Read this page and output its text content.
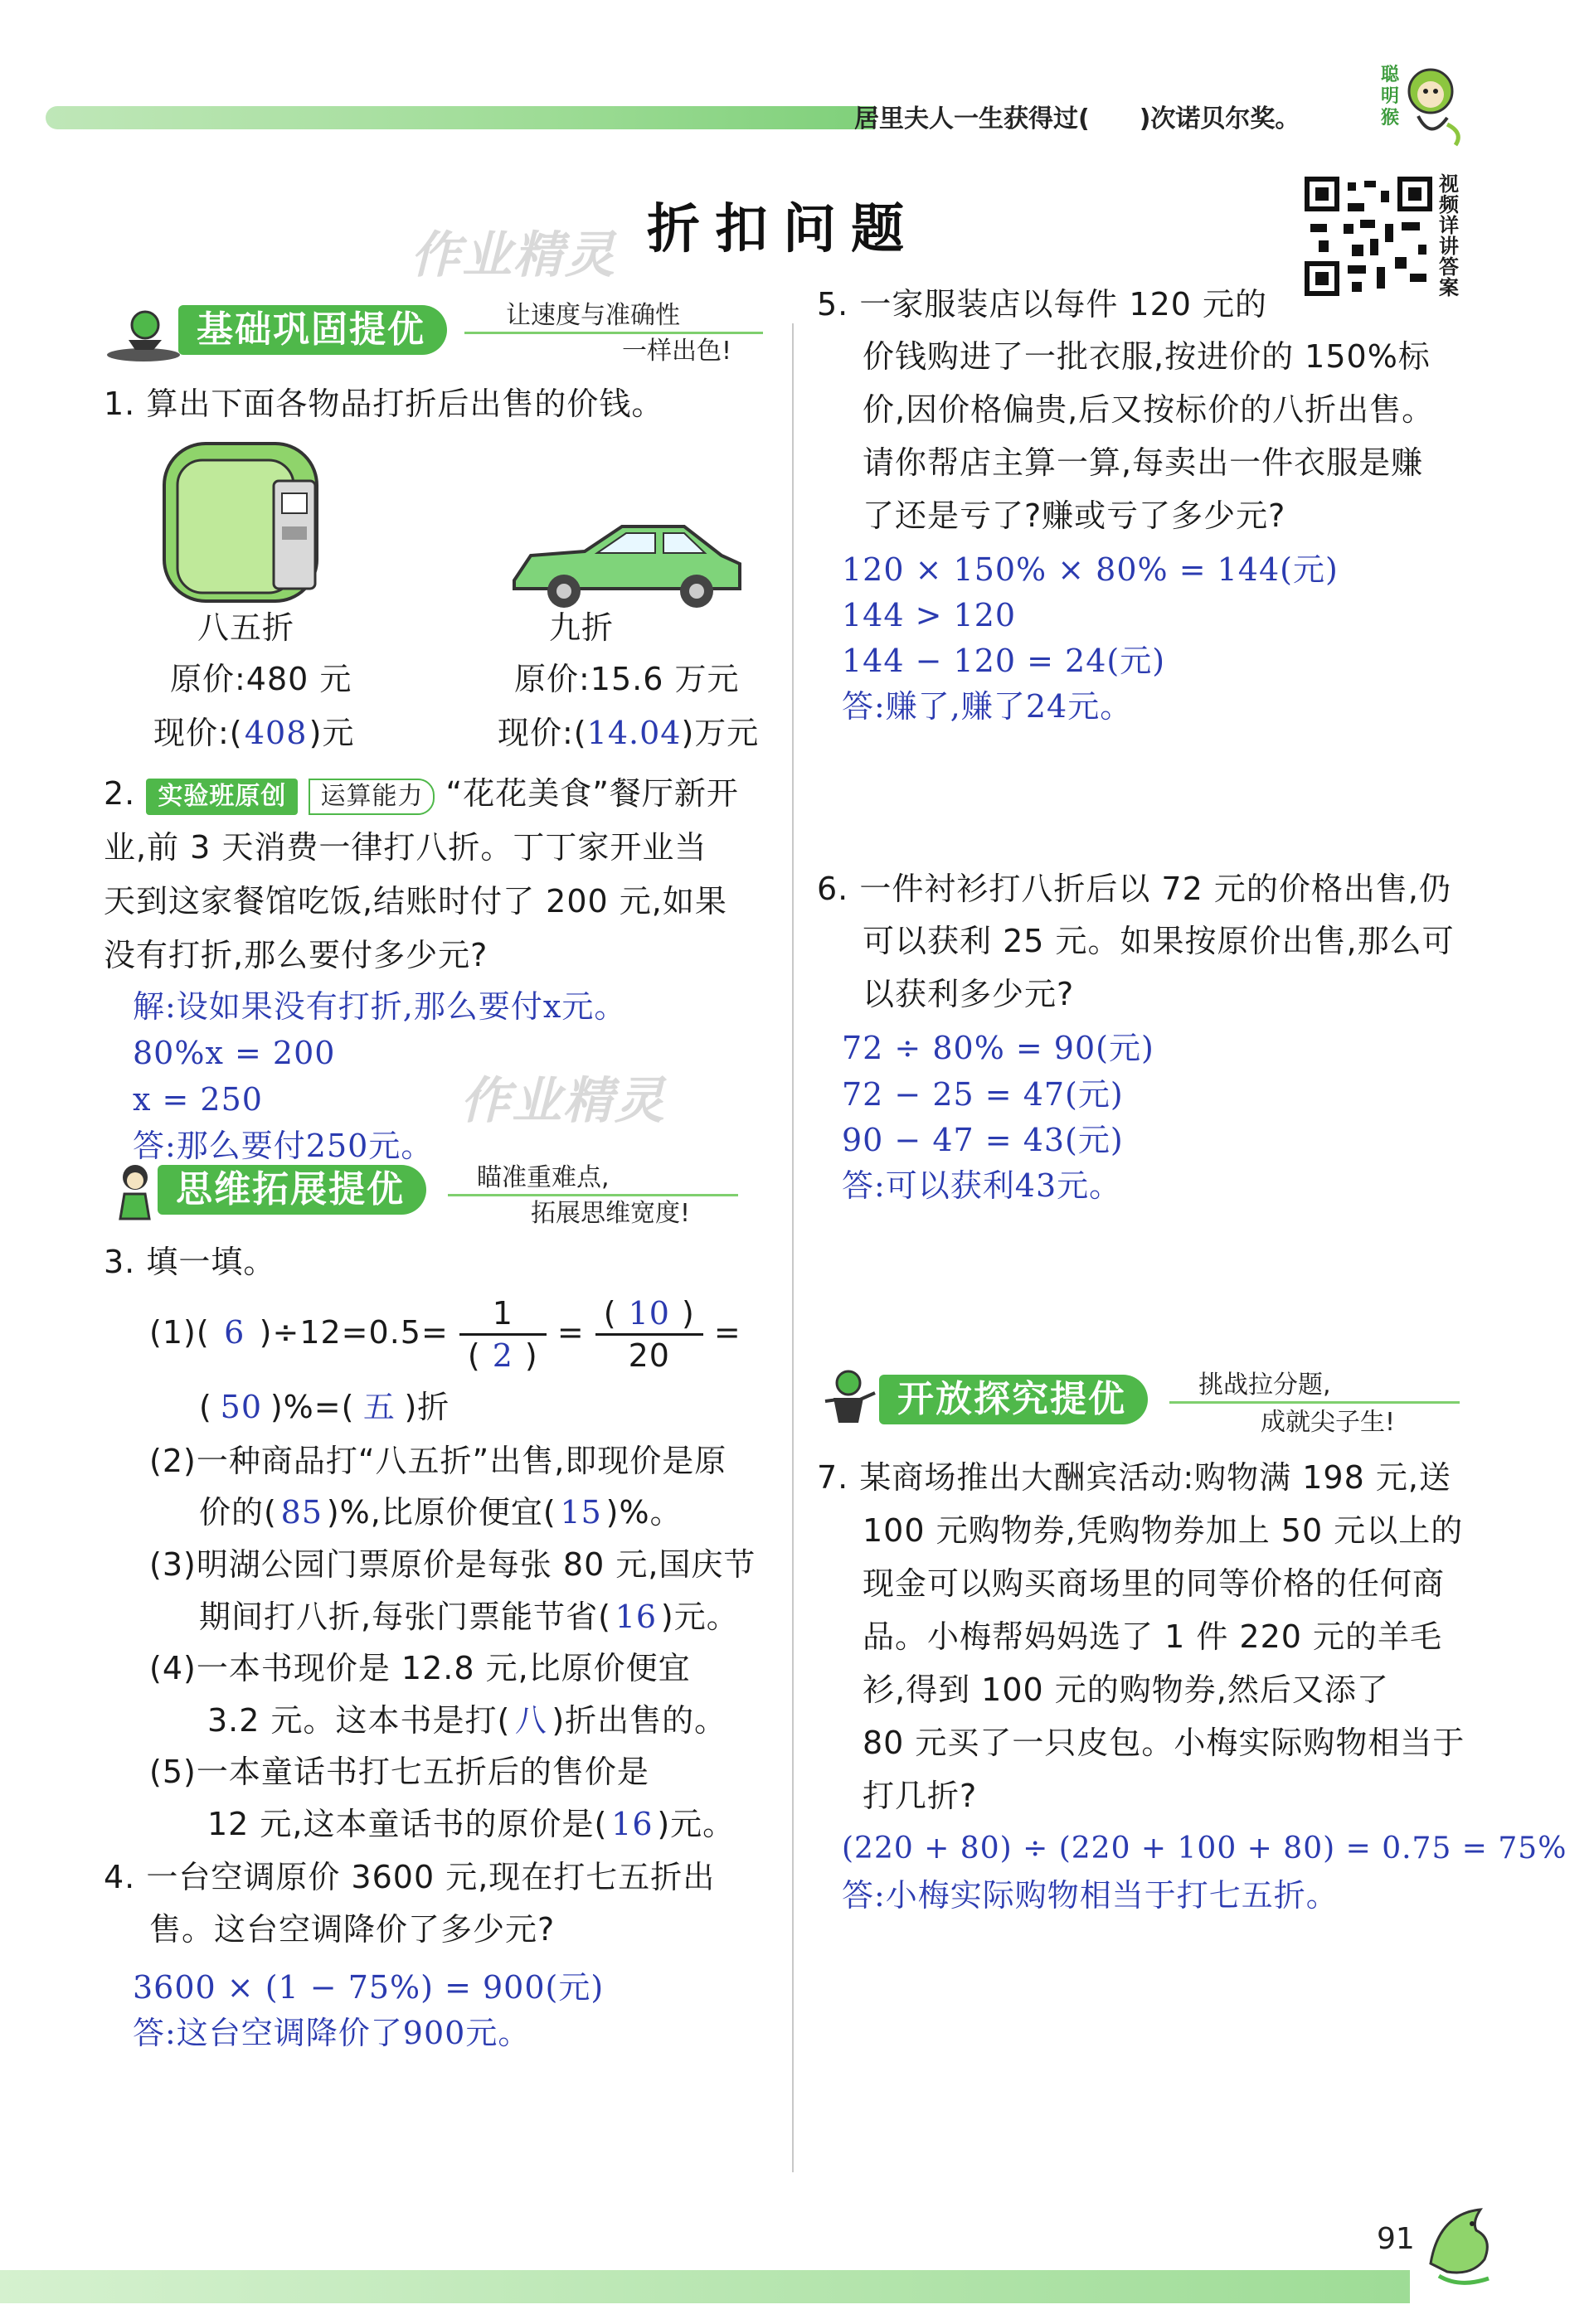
居里夫人一生获得过(　　)次诺贝尔奖。
聪明猴
折扣问题
作业精灵
作业精灵
视频详讲答案
基础巩固提优	让速度与准确性
一样出色!
1. 算出下面各物品打折后出售的价钱。
八五折	九折
原价:480 元	原价:15.6 万元
现价:(408)元	现价:(14.04)万元
2. 实验班原创 运算能力 “花花美食”餐厅新开
业,前 3 天消费一律打八折。丁丁家开业当
天到这家餐馆吃饭,结账时付了 200 元,如果
没有打折,那么要付多少元?
解:设如果没有打折,那么要付x元。
80%x = 200
x = 250
答:那么要付250元。
思维拓展提优	瞄准重难点,
拓展思维宽度!
3. 填一填。
(1)( 6 )$\div 12=0.5= \frac{1}{( 2 )} = \frac{( 10 )}{20}$ =
( 50 )%=( 五 )折
(2)一种商品打“八五折”出售,即现价是原
价的( 85 )%,比原价便宜( 15 )%。
(3)明湖公园门票原价是每张 80 元,国庆节
期间打八折,每张门票能节省( 16 )元。
(4)一本书现价是 12.8 元,比原价便宜
3.2 元。这本书是打( 八 )折出售的。
(5)一本童话书打七五折后的售价是
12 元,这本童话书的原价是( 16 )元。
4. 一台空调原价 3600 元,现在打七五折出
售。这台空调降价了多少元?
3600 × (1 − 75%) = 900(元)
答:这台空调降价了900元。
5. 一家服装店以每件 120 元的
价钱购进了一批衣服,按进价的 150%标
价,因价格偏贵,后又按标价的八折出售。
请你帮店主算一算,每卖出一件衣服是赚
了还是亏了?赚或亏了多少元?
120 × 150% × 80% = 144(元)
144 > 120
144 − 120 = 24(元)
答:赚了,赚了24元。
6. 一件衬衫打八折后以 72 元的价格出售,仍
可以获利 25 元。如果按原价出售,那么可
以获利多少元?
72 ÷ 80% = 90(元)
72 − 25 = 47(元)
90 − 47 = 43(元)
答:可以获利43元。
开放探究提优	挑战拉分题,
成就尖子生!
7. 某商场推出大酬宾活动:购物满 198 元,送
100 元购物券,凭购物券加上 50 元以上的
现金可以购买商场里的同等价格的任何商
品。小梅帮妈妈选了 1 件 220 元的羊毛
衫,得到 100 元的购物券,然后又添了
80 元买了一只皮包。小梅实际购物相当于
打几折?
(220 + 80) ÷ (220 + 100 + 80) = 0.75 = 75%
答:小梅实际购物相当于打七五折。
91
